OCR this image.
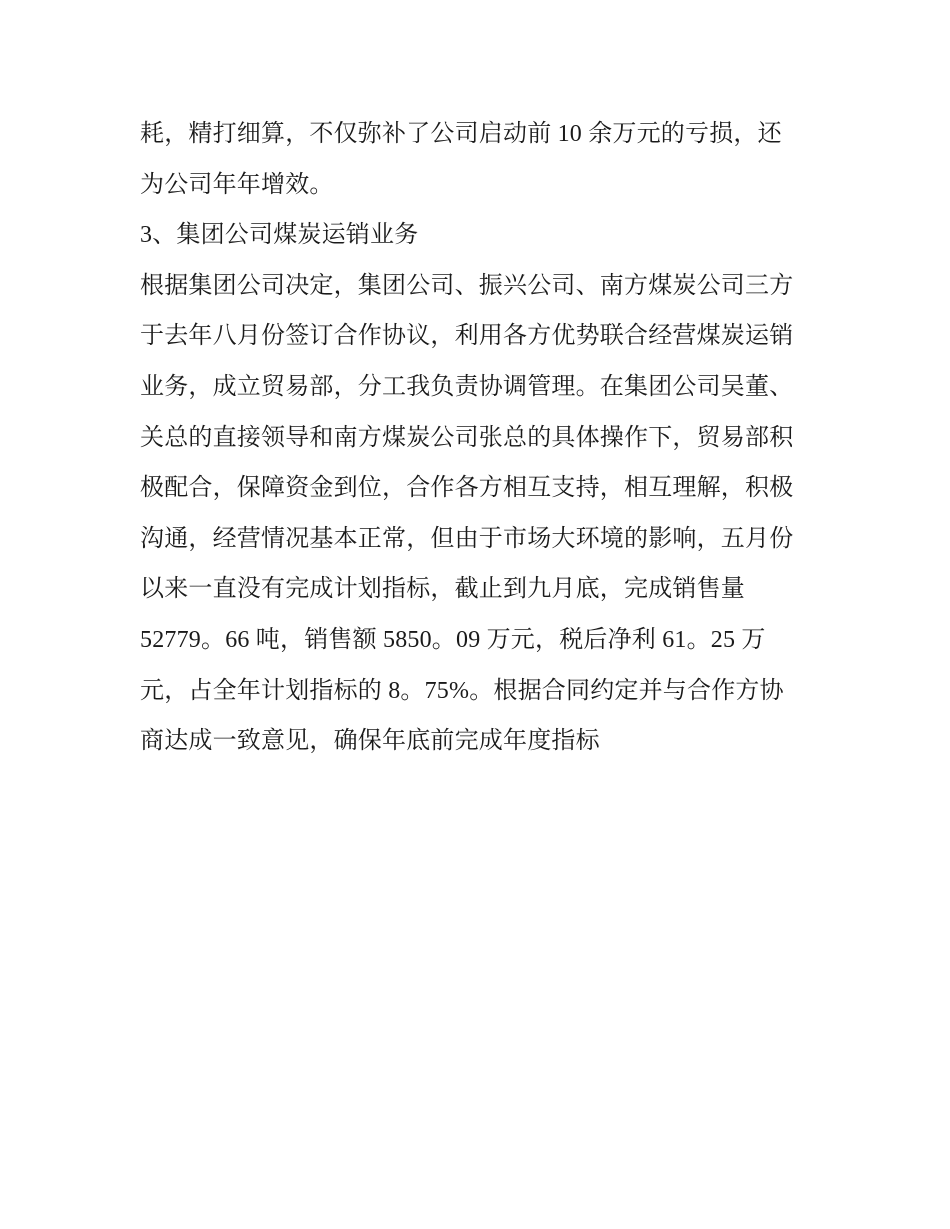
耗，精打细算，不仅弥补了公司启动前 10 余万元的亏损，还
为公司年年增效。
3、集团公司煤炭运销业务
根据集团公司决定，集团公司、振兴公司、南方煤炭公司三方
于去年八月份签订合作协议，利用各方优势联合经营煤炭运销
业务，成立贸易部，分工我负责协调管理。在集团公司吴董、
关总的直接领导和南方煤炭公司张总的具体操作下，贸易部积
极配合，保障资金到位，合作各方相互支持，相互理解，积极
沟通，经营情况基本正常，但由于市场大环境的影响，五月份
以来一直没有完成计划指标，截止到九月底，完成销售量
52779。66 吨，销售额 5850。09 万元，税后净利 61。25 万
元，占全年计划指标的 8。75%。根据合同约定并与合作方协
商达成一致意见，确保年底前完成年度指标
